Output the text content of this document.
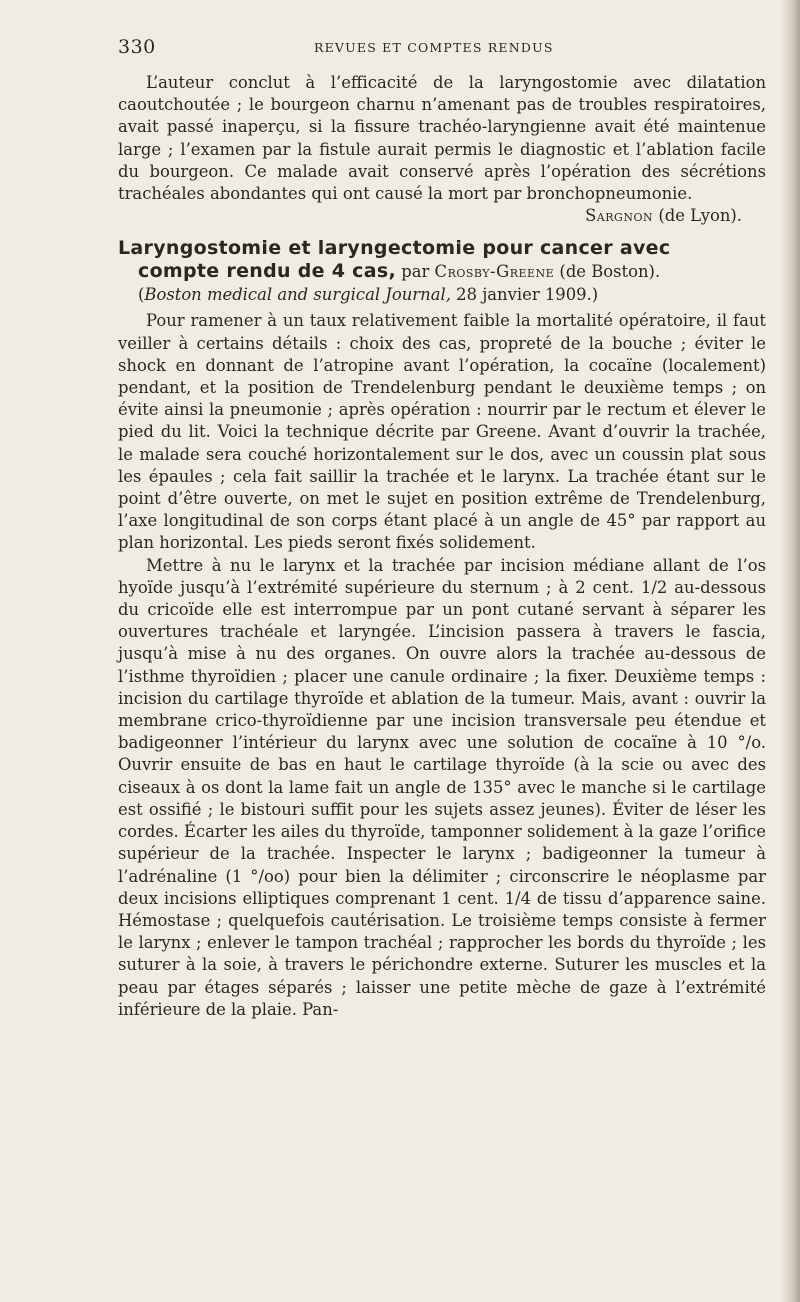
330	REVUES ET COMPTES RENDUS

L’auteur conclut à l’efficacité de la laryngostomie avec dilatation caoutchoutée ; le bourgeon charnu n’amenant pas de troubles respiratoires, avait passé inaperçu, si la fissure trachéo-laryngienne avait été maintenue large ; l’examen par la fistule aurait permis le diagnostic et l’ablation facile du bourgeon. Ce malade avait conservé après l’opération des sécrétions trachéales abondantes qui ont causé la mort par bronchopneumonie.

Sargnon (de Lyon).
Laryngostomie et laryngectomie pour cancer avec
compte rendu de 4 cas, par Crosby-Greene (de Boston).
(Boston medical and surgical Journal, 28 janvier 1909.)

Pour ramener à un taux relativement faible la mortalité opératoire, il faut veiller à certains détails : choix des cas, propreté de la bouche ; éviter le shock en donnant de l’atropine avant l’opération, la cocaïne (localement) pendant, et la position de Trendelenburg pendant le deuxième temps ; on évite ainsi la pneumonie ; après opération : nourrir par le rectum et élever le pied du lit. Voici la technique décrite par Greene. Avant d’ouvrir la trachée, le malade sera couché horizontalement sur le dos, avec un coussin plat sous les épaules ; cela fait saillir la trachée et le larynx. La trachée étant sur le point d’être ouverte, on met le sujet en position extrême de Trendelenburg, l’axe longitudinal de son corps étant placé à un angle de 45° par rapport au plan horizontal. Les pieds seront fixés solidement.

Mettre à nu le larynx et la trachée par incision médiane allant de l’os hyoïde jusqu’à l’extrémité supérieure du sternum ; à 2 cent. 1/2 au-dessous du cricoïde elle est interrompue par un pont cutané servant à séparer les ouvertures trachéale et laryngée. L’incision passera à travers le fascia, jusqu’à mise à nu des organes. On ouvre alors la trachée au-dessous de l’isthme thyroïdien ; placer une canule ordinaire ; la fixer. Deuxième temps : incision du cartilage thyroïde et ablation de la tumeur. Mais, avant : ouvrir la membrane crico-thyroïdienne par une incision transversale peu étendue et badigeonner l’intérieur du larynx avec une solution de cocaïne à 10 °/o. Ouvrir ensuite de bas en haut le cartilage thyroïde (à la scie ou avec des ciseaux à os dont la lame fait un angle de 135° avec le manche si le cartilage est ossifié ; le bistouri suffit pour les sujets assez jeunes). Éviter de léser les cordes. Écarter les ailes du thyroïde, tamponner solidement à la gaze l’orifice supérieur de la trachée. Inspecter le larynx ; badigeonner la tumeur à l’adrénaline (1 °/oo) pour bien la délimiter ; circonscrire le néoplasme par deux incisions elliptiques comprenant 1 cent. 1/4 de tissu d’apparence saine. Hémostase ; quelquefois cautérisation. Le troisième temps consiste à fermer le larynx ; enlever le tampon trachéal ; rapprocher les bords du thyroïde ; les suturer à la soie, à travers le périchondre externe. Suturer les muscles et la peau par étages séparés ; laisser une petite mèche de gaze à l’extrémité inférieure de la plaie. Pan-
